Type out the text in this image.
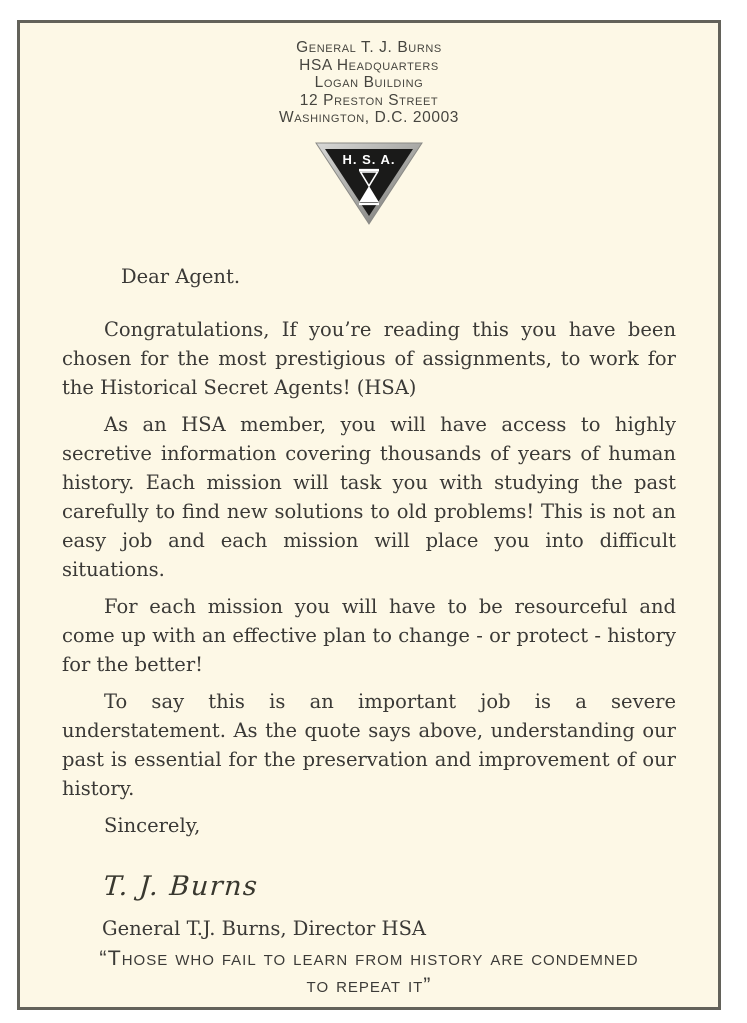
General T. J. Burns
HSA Headquarters
Logan Building
12 Preston Street
Washington, D.C. 20003
H. S. A.

Dear Agent.

Congratulations, If you’re reading this you have been chosen for the most prestigious of assignments, to work for the Historical Secret Agents! (HSA)

As an HSA member, you will have access to highly secretive information covering thousands of years of human history. Each mission will task you with studying the past carefully to find new solutions to old problems! This is not an easy job and each mission will place you into difficult situations.

For each mission you will have to be resourceful and come up with an effective plan to change - or protect - history for the better!

To say this is an important job is a severe understatement. As the quote says above, understanding our past is essential for the preservation and improvement of our history.

Sincerely,

T. J. Burns
General T.J. Burns, Director HSA
“Those who fail to learn from history are condemned to repeat it”
